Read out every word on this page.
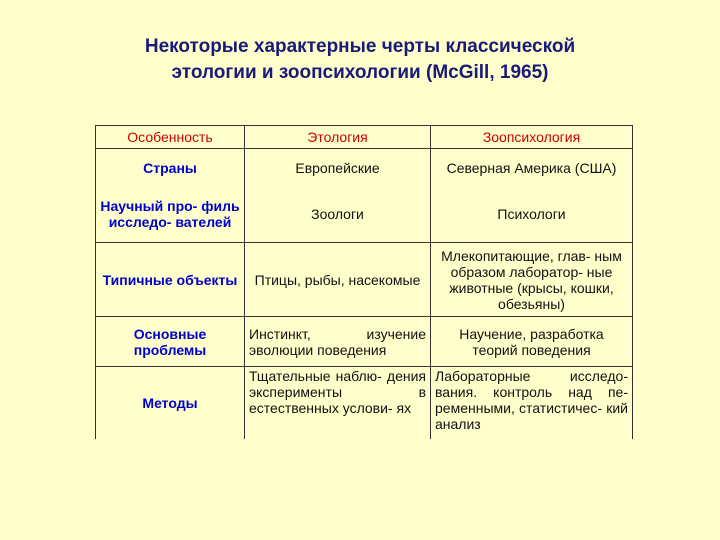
Некоторые характерные черты классической
этологии и зоопсихологии (McGill, 1965)
Особенность	Этология	Зоопсихология
Страны	Европейские	Северная Америка (США)
Научный про- филь исследо- вателей	Зоологи	Психологи
Типичные объекты	Птицы, рыбы, насекомые	Млекопитающие, глав- ным образом лаборатор- ные животные (крысы, кошки, обезьяны)
Основные проблемы	Инстинкт, изучение эволюции поведения	Научение, разработка теорий поведения
Методы	Тщательные наблю- дения эксперименты в естественных услови- ях	Лабораторные исследо- вания. контроль над пе- ременными, статистичес- кий анализ
